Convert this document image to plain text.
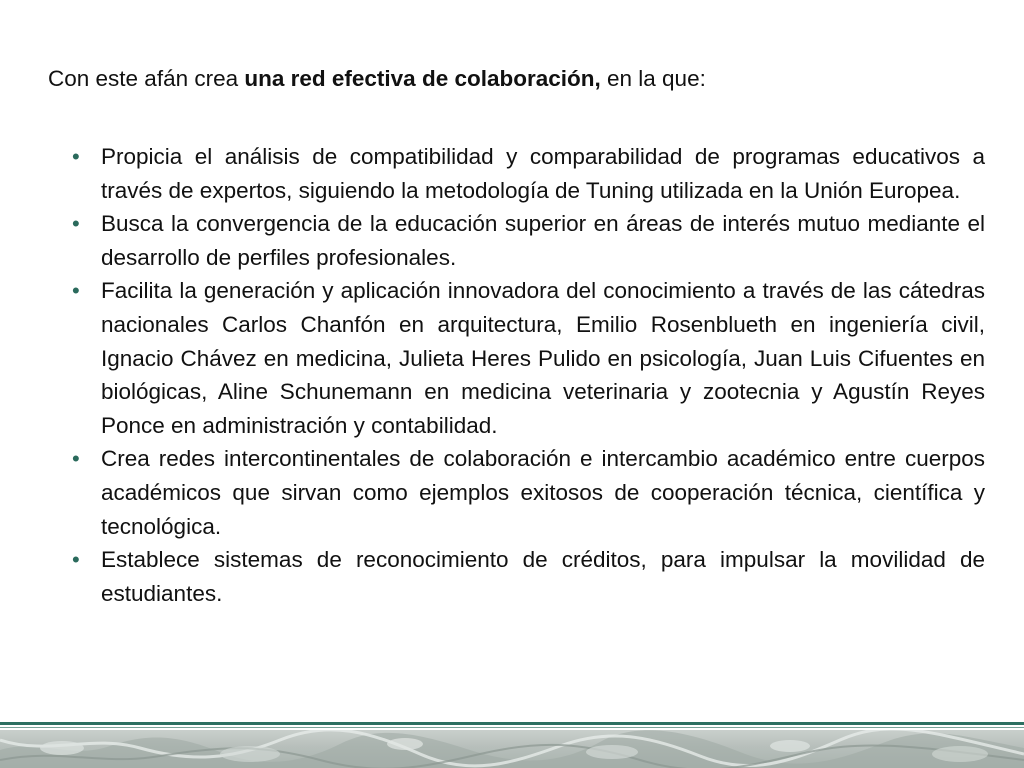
Con este afán crea una red efectiva de colaboración, en la que:

• Propicia el análisis de compatibilidad y comparabilidad de programas educativos a través de expertos, siguiendo la metodología de Tuning utilizada en la Unión Europea.
• Busca la convergencia de la educación superior en áreas de interés mutuo mediante el desarrollo de perfiles profesionales.
• Facilita la generación y aplicación innovadora del conocimiento a través de las cátedras nacionales Carlos Chanfón en arquitectura, Emilio Rosenblueth en ingeniería civil, Ignacio Chávez en medicina, Julieta Heres Pulido en psicología, Juan Luis Cifuentes en biológicas, Aline Schunemann en medicina veterinaria y zootecnia y Agustín Reyes Ponce en administración y contabilidad.
• Crea redes intercontinentales de colaboración e intercambio académico entre cuerpos académicos que sirvan como ejemplos exitosos de cooperación técnica, científica y tecnológica.
• Establece sistemas de reconocimiento de créditos, para impulsar la movilidad de estudiantes.
